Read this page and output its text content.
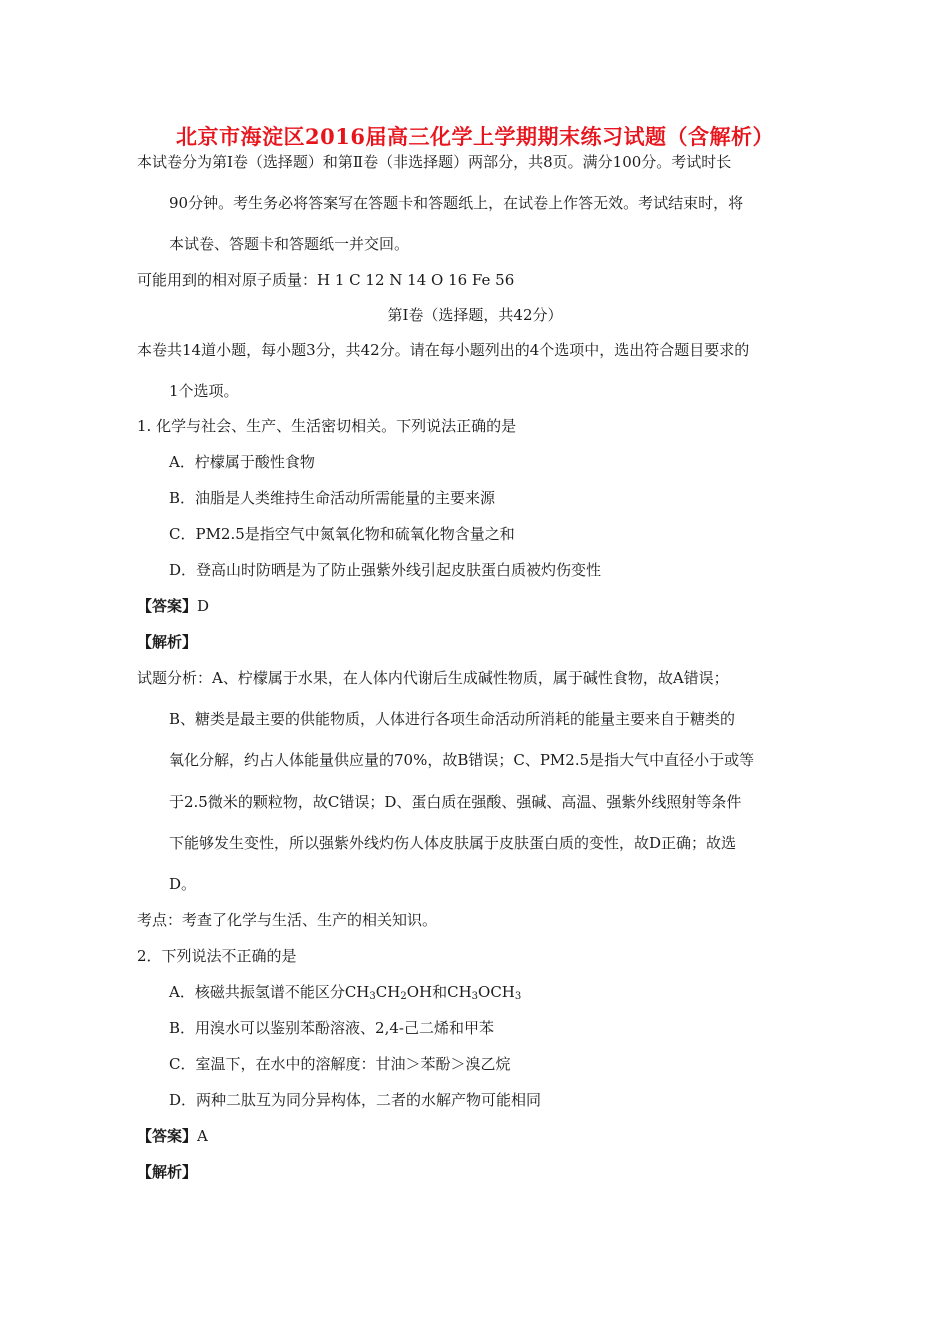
北京市海淀区2016届高三化学上学期期末练习试题（含解析）
本试卷分为第Ⅰ卷（选择题）和第Ⅱ卷（非选择题）两部分，共8页。满分100分。考试时长
90分钟。考生务必将答案写在答题卡和答题纸上，在试卷上作答无效。考试结束时，将
本试卷、答题卡和答题纸一并交回。
可能用到的相对原子质量：H 1 C 12 N 14 O 16 Fe 56
第I卷（选择题，共42分）
本卷共14道小题，每小题3分，共42分。请在每小题列出的4个选项中，选出符合题目要求的
1个选项。
1. 化学与社会、生产、生活密切相关。下列说法正确的是
A．柠檬属于酸性食物
B．油脂是人类维持生命活动所需能量的主要来源
C．PM2.5是指空气中氮氧化物和硫氧化物含量之和
D．登高山时防晒是为了防止强紫外线引起皮肤蛋白质被灼伤变性
【答案】D
【解析】
试题分析：A、柠檬属于水果，在人体内代谢后生成碱性物质，属于碱性食物，故A错误；
B、糖类是最主要的供能物质，人体进行各项生命活动所消耗的能量主要来自于糖类的
氧化分解，约占人体能量供应量的70%，故B错误；C、PM2.5是指大气中直径小于或等
于2.5微米的颗粒物，故C错误；D、蛋白质在强酸、强碱、高温、强紫外线照射等条件
下能够发生变性，所以强紫外线灼伤人体皮肤属于皮肤蛋白质的变性，故D正确；故选
D。
考点：考查了化学与生活、生产的相关知识。
2．下列说法不正确的是
A．核磁共振氢谱不能区分$CH_3CH_2OH$和$CH_3OCH_3$
B．用溴水可以鉴别苯酚溶液、2,4-己二烯和甲苯
C．室温下，在水中的溶解度：甘油＞苯酚＞溴乙烷
D．两种二肽互为同分异构体，二者的水解产物可能相同
【答案】A
【解析】
